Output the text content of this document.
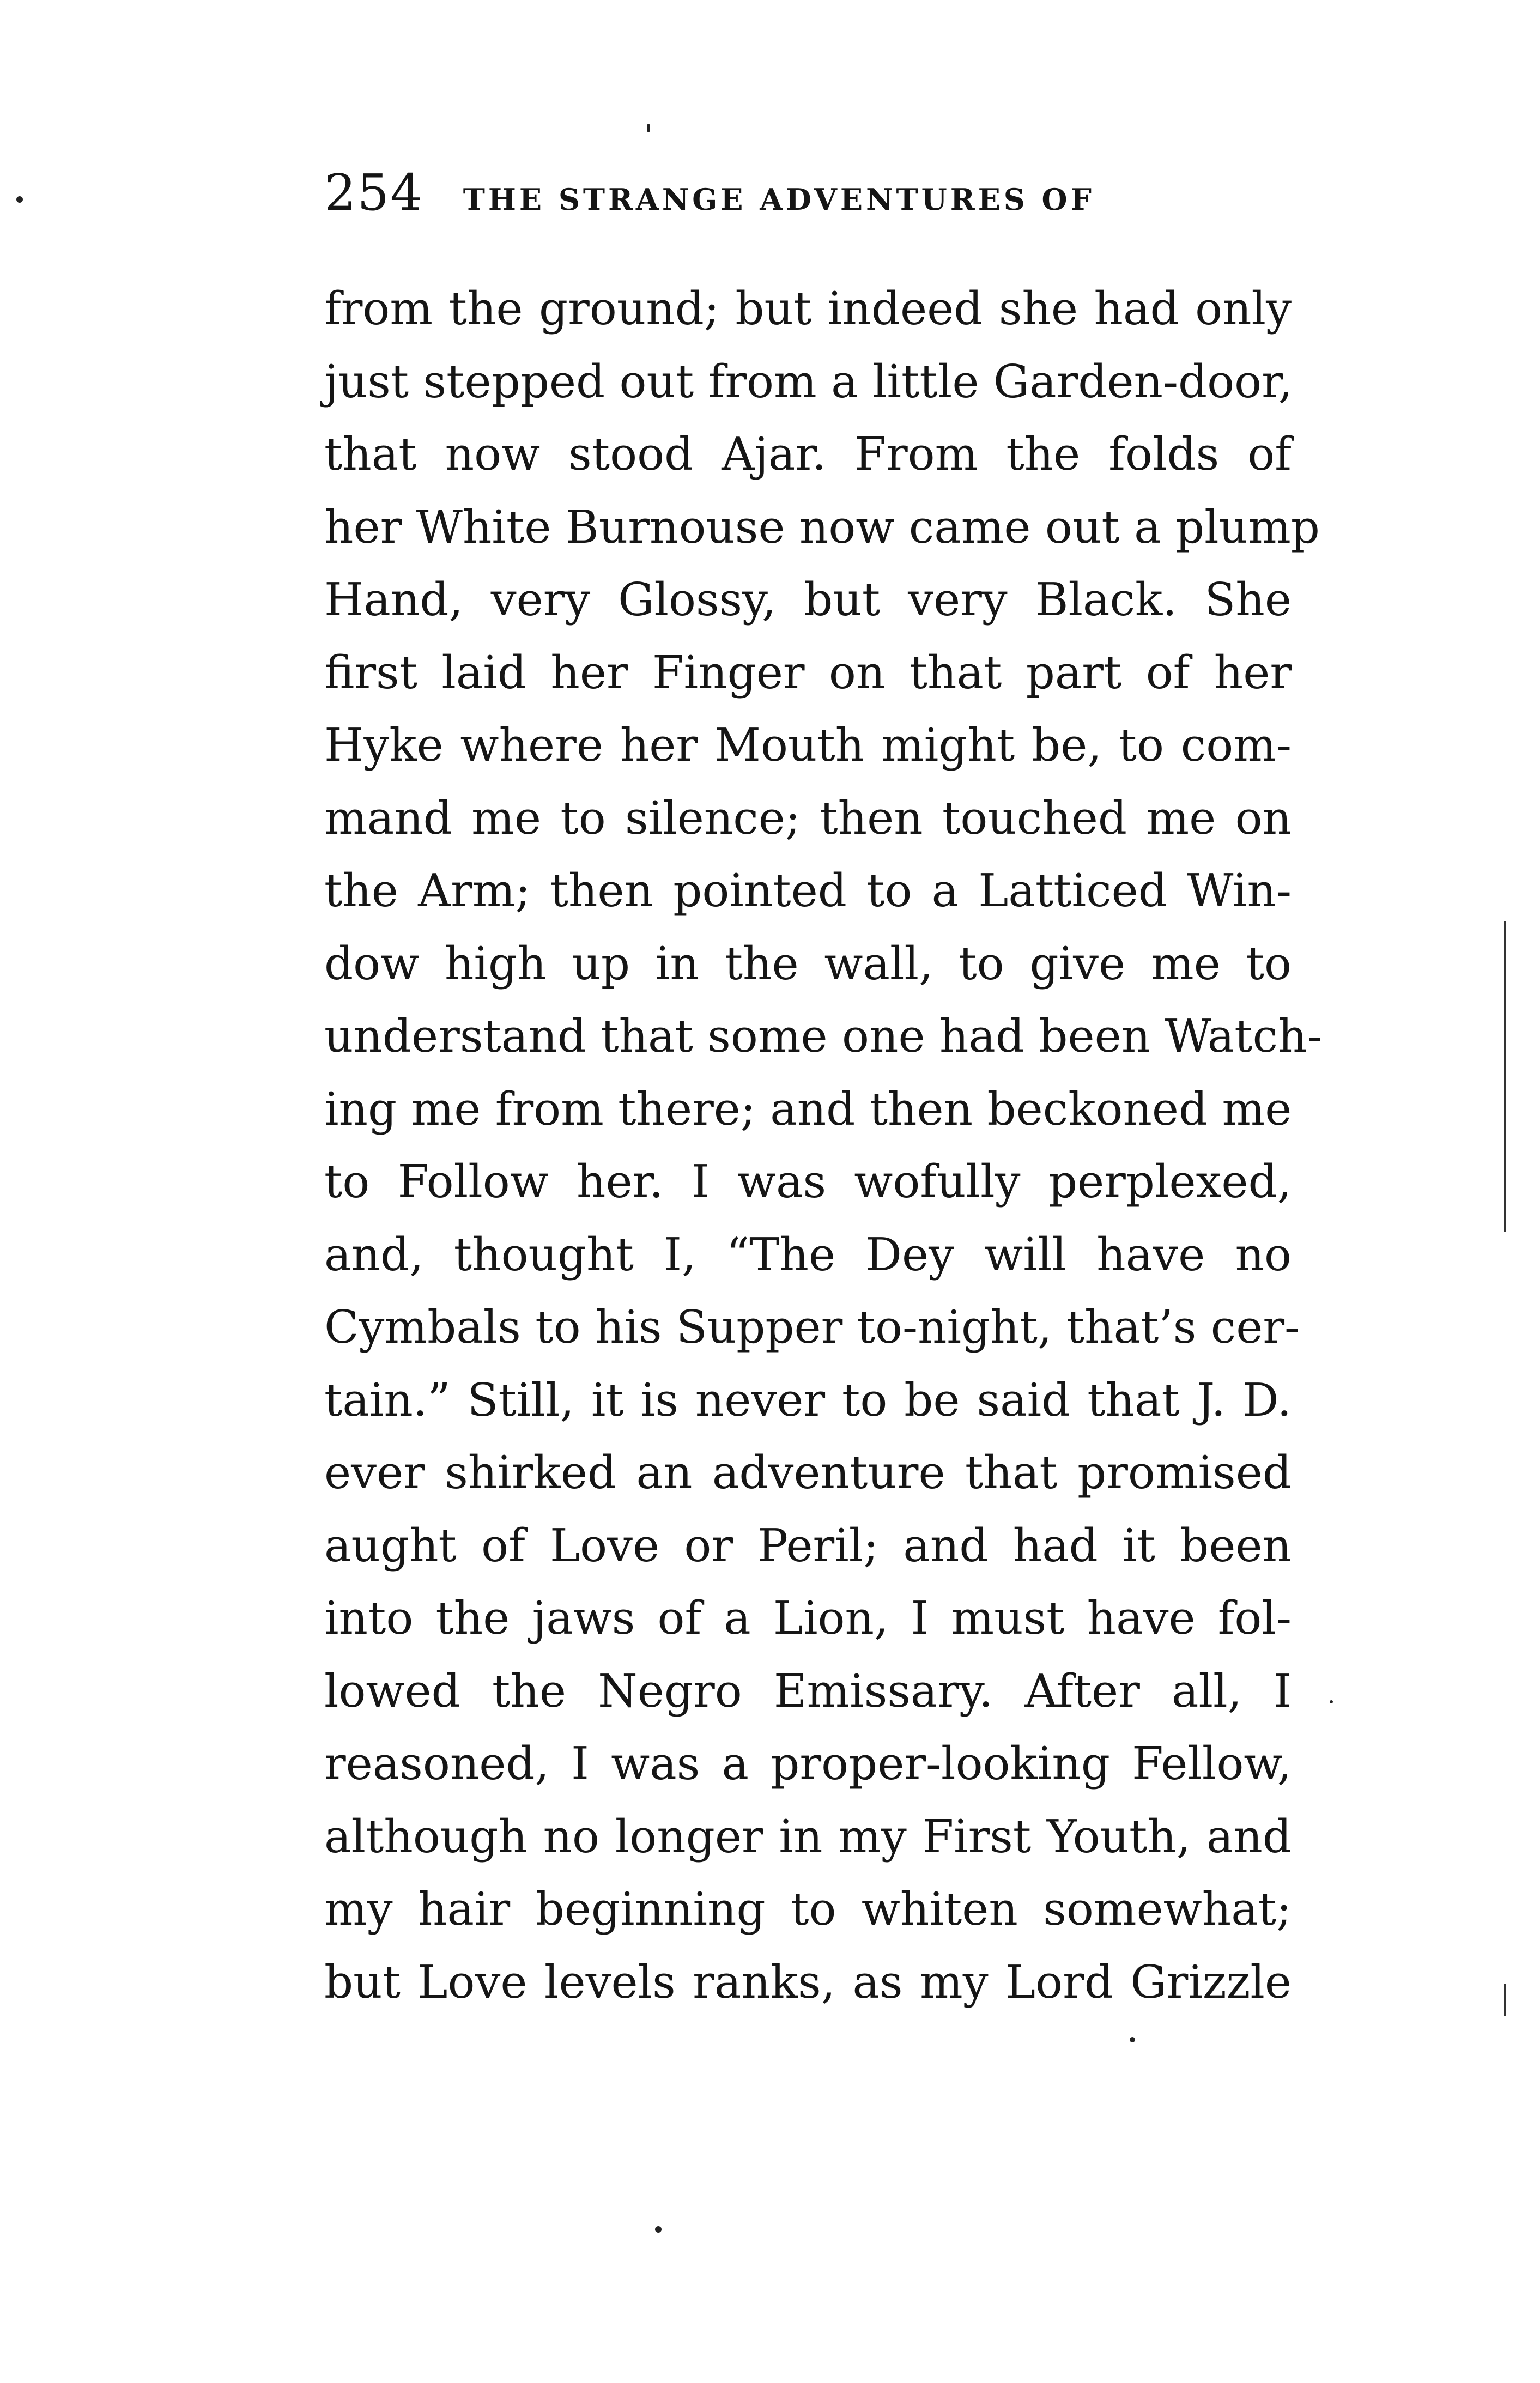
254 THE STRANGE ADVENTURES OF
from the ground; but indeed she had only
just stepped out from a little Garden-door,
that now stood Ajar. From the folds of
her White Burnouse now came out a plump
Hand, very Glossy, but very Black. She
first laid her Finger on that part of her
Hyke where her Mouth might be, to com-
mand me to silence; then touched me on
the Arm; then pointed to a Latticed Win-
dow high up in the wall, to give me to
understand that some one had been Watch-
ing me from there; and then beckoned me
to Follow her. I was wofully perplexed,
and, thought I, “The Dey will have no
Cymbals to his Supper to-night, that’s cer-
tain.” Still, it is never to be said that J. D.
ever shirked an adventure that promised
aught of Love or Peril; and had it been
into the jaws of a Lion, I must have fol-
lowed the Negro Emissary. After all, I
reasoned, I was a proper-looking Fellow,
although no longer in my First Youth, and
my hair beginning to whiten somewhat;
but Love levels ranks, as my Lord Grizzle
